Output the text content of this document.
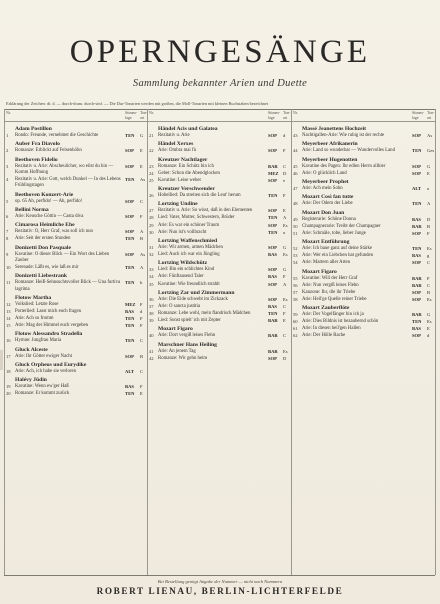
OPERNGESÄNGE
Sammlung bekannter Arien und Duette
Erklärung der Zeichen: dt. d. — durch-dram. durch-sinf. — Die Dur-Tonarten werden mit großen, die Moll-Tonarten mit kleinen Buchstaben bezeichnet
Nr.	Stimm-lage
Ton-art
Adam Postillon
1	Rondo: Freunde, vernehmet die Geschichte	TEN	G
Auber Fra Diavolo
2	Romanze: Erblickt auf Felsenhöhn	SOP	E
Beethoven Fidelio
3	Rezitativ u. Arie: Abscheulicher, wo eilst du hin — Komm Hoffnung
SOP	E
4	Rezitativ u. Arie: Gott, welch Dunkel — In des Lebens Frühlingstagen
TEN	As
Beethoven Konzert-Arie
5	op. 65 Ah, perfido! — Ah, perfido!	SOP	C
Bellini Norma
6	Arie: Keusche Göttin — Casta diva	SOP	F
Cimarosa Heimliche Ehe
7	Rezitativ: O, Herr Graf, was soll ich nun	SOP	A
8	Arie: Seit der ersten Stunden	TEN	B
Donizetti Don Pasquale
9	Kavatine: O dieser Blick — Ein Wort des Lieben Zauber
SOP	As
10 Serenade: Läßt es, wie laß es mir	TEN	A
Donizetti Liebestrank
11 Romanze: Heiß-Sehnsuchtsvoller Blick — Una furtiva lagrima
TEN	b
Flotow Martha
12 Volkslied: Letzte Rose	MEZ F
13 Porterlied: Lasst mich euch fragen	BAS	d
14 Arie: Ach so fromm	TEN	F
15 Arie: Mag der Himmel euch vergeben	TEN	F
Flotow Alessandro Stradella
16 Hymne: Jungfrau Maria	TEN	C
Gluck Alceste
17 Arie: Ihr Götter ewiger Nacht	SOP	B
Gluck Orpheus und Eurydike
18 Arie: Ach, ich habe sie verloren	ALT	C
Halévy Jüdin
19 Kavatine: Wenn ew'ger Haß	BAS	F
20 Romanze: Er kommt zurück	TEN	E
Nr.	Stimm-lage
Ton-art
Händel Acis und Galatea
21 Rezitativ u. Arie	SOP	d
Händel Xerxes
22 Arie: Ombra mai fù	SOP	F
Kreutzer Nachtlager
23 Romanze: Ein Schütz bin ich	BAR	C
24 Gebet: Schon die Abendglocken	MEZ D
25 Kavatine: Leise wehet	SOP	e
Kreutzer Verschwender
26 Hobellied: Da streiten sich die Leut' herum	TEN	F
Lortzing Undine
27 Rezitativ u. Arie: So wisst, daß in den Elementen	SOP	E
28 Lied: Vater, Mutter, Schwestern, Brüder	TEN	A
29 Arie: Es war ein schöner Traum	SOP	Es
30 Arie: Nun ist's vollbracht	TEN	a
Lortzing Waffenschmied
31 Arie: Wir armen, armen Mädchen	SOP	G
32 Lied: Auch ich war ein Jüngling	BAS	Es
Lortzing Wildschütz
33 Lied: Bin ein schlichtes Kind	SOP	G
34 Arie: Fünftausend Taler	BAS	F
35 Kavatine: Wie freundlich strahlt	SOP	A
Lortzing Zar und Zimmermann
36 Arie: Die Eide schwebt im Zickzack	SOP	Es
37 Arie: O sancta justitia	BAS	C
38 Romanze: Lebe wohl, mein flandrisch Mädchen	TEN	F
39 Lied: Sonst spielt' ich mit Zepter	BAR	E
Mozart Figaro
40 Arie: Dort vergiß leises Flehn	BAR	C
Marschner Hans Heiling
41 Arie: An jenem Tag	BAR	Es
42 Romanze: Wir gehn heim	SOP	D
Nr.	Stimm-lage
Ton-art
Massé Jeanettens Hochzeit
43 Nachtigallen-Arie: Wie ruhig ist der rechte	SOP	As
Meyerbeer Afrikanerin
44 Arie: Land so wunderbar — Wundervolles Land	TEN	Ges
Meyerbeer Hugenotten
45 Kavatine des Pagen: Ihr edlen Herrn allhier	SOP	G
46 Arie: O glücklich Land	SOP	E
Meyerbeer Prophet
47 Arie: Ach mein Sohn	ALT	a
Mozart Così fan tutte
48 Arie: Der Odem der Liebe	TEN	A
Mozart Don Juan
49 Registerarie: Schöne Donna	BAS	D
50 Champagnerarie: Treibt der Champagner	BAR	B
51 Arie: Schmäle, tobe, lieber Junge	SOP	F
Mozart Entführung
52 Arie: Ich baue ganz auf deine Stärke	TEN	Es
53 Arie: Wer ein Liebchen hat gefunden	BAS	g
54 Arie: Martern aller Arten	SOP	C
Mozart Figaro
55 Kavatine: Will der Herr Graf	BAR	F
56 Arie: Nun vergiß leises Flehn	BAR	C
57 Kanzone: Ihr, die ihr Triebe	SOP	B
58 Arie: Heil'ge Quelle reiner Triebe	SOP	Es
Mozart Zauberflöte
59 Arie: Der Vogelfänger bin ich ja	BAR	G
60 Arie: Dies Bildnis ist bezaubernd schön	TEN	Es
61 Arie: In diesen heil'gen Hallen	BAS	E
62 Arie: Der Hölle Rache	SOP	d
Bei Bestellung genügt Angabe der Nummer — nicht nach Nummern
ROBERT LIENAU, BERLIN-LICHTERFELDE
